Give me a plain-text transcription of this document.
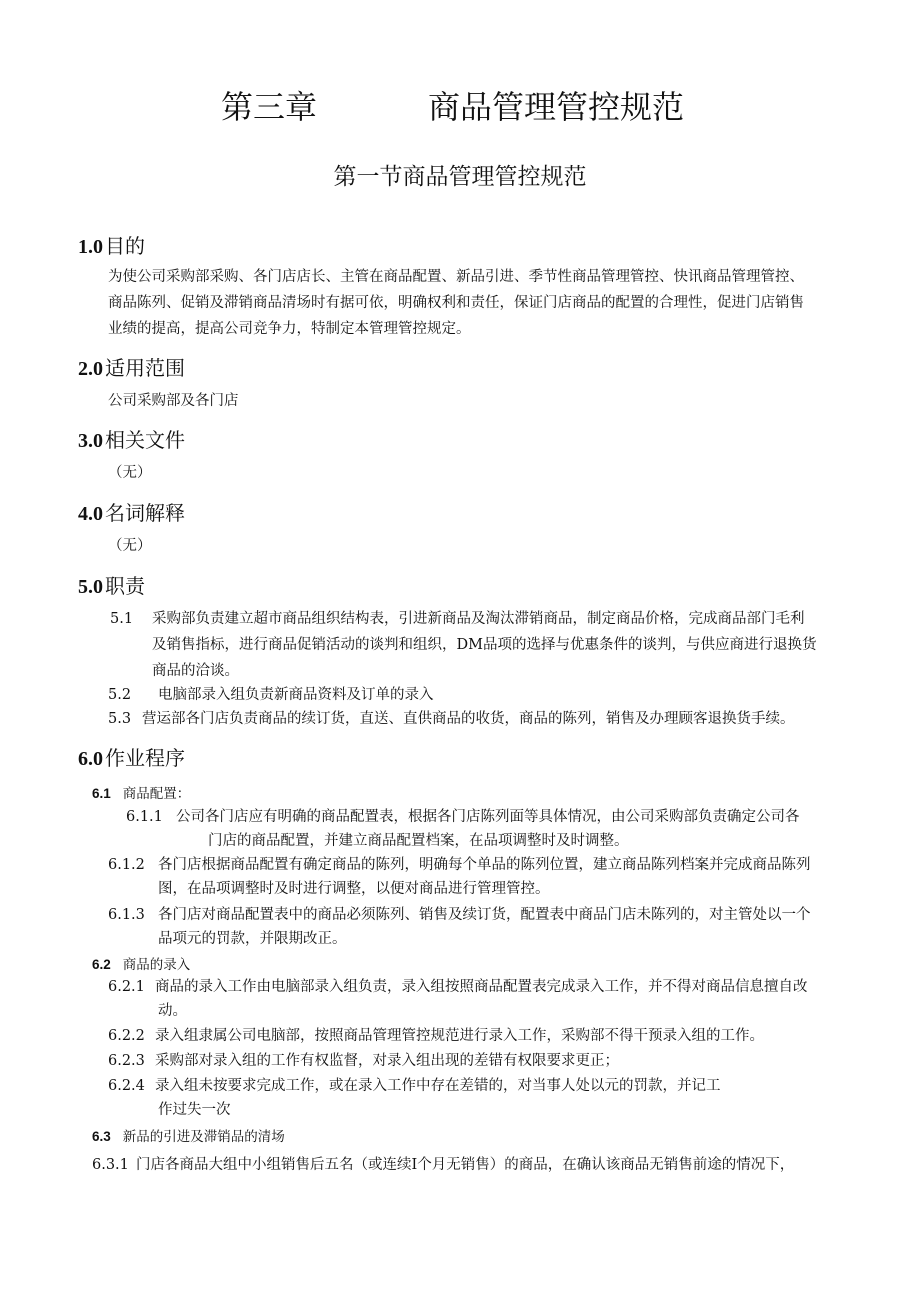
第三章	商品管理管控规范
第一节商品管理管控规范
1.0 目的
为使公司采购部采购、各门店店长、主管在商品配置、新品引进、季节性商品管理管控、快讯商品管理管控、
商品陈列、促销及滞销商品清场时有据可依，明确权利和责任，保证门店商品的配置的合理性，促进门店销售
业绩的提高，提高公司竞争力，特制定本管理管控规定。
2.0 适用范围
公司采购部及各门店
3.0 相关文件
（无）
4.0 名词解释
（无）
5.0 职责
5.1 采购部负责建立超市商品组织结构表，引进新商品及淘汰滞销商品，制定商品价格，完成商品部门毛利
及销售指标，进行商品促销活动的谈判和组织，DM品项的选择与优惠条件的谈判，与供应商进行退换货
商品的洽谈。
5.2 电脑部录入组负责新商品资料及订单的录入
5.3 营运部各门店负责商品的续订货，直送、直供商品的收货，商品的陈列，销售及办理顾客退换货手续。
6.0 作业程序
6.1 商品配置：
6.1.1 公司各门店应有明确的商品配置表，根据各门店陈列面等具体情况，由公司采购部负责确定公司各
门店的商品配置，并建立商品配置档案，在品项调整时及时调整。
6.1.2 各门店根据商品配置有确定商品的陈列，明确每个单品的陈列位置，建立商品陈列档案并完成商品陈列
图，在品项调整时及时进行调整，以便对商品进行管理管控。
6.1.3 各门店对商品配置表中的商品必须陈列、销售及续订货，配置表中商品门店未陈列的，对主管处以一个
品项元的罚款，并限期改正。
6.2 商品的录入
6.2.1 商品的录入工作由电脑部录入组负责，录入组按照商品配置表完成录入工作，并不得对商品信息擅自改
动。
6.2.2 录入组隶属公司电脑部，按照商品管理管控规范进行录入工作，采购部不得干预录入组的工作。
6.2.3 采购部对录入组的工作有权监督，对录入组出现的差错有权限要求更正；
6.2.4 录入组未按要求完成工作，或在录入工作中存在差错的，对当事人处以元的罚款，并记工
作过失一次
6.3 新品的引进及滞销品的清场
6.3.1 门店各商品大组中小组销售后五名（或连续I个月无销售）的商品，在确认该商品无销售前途的情况下，
